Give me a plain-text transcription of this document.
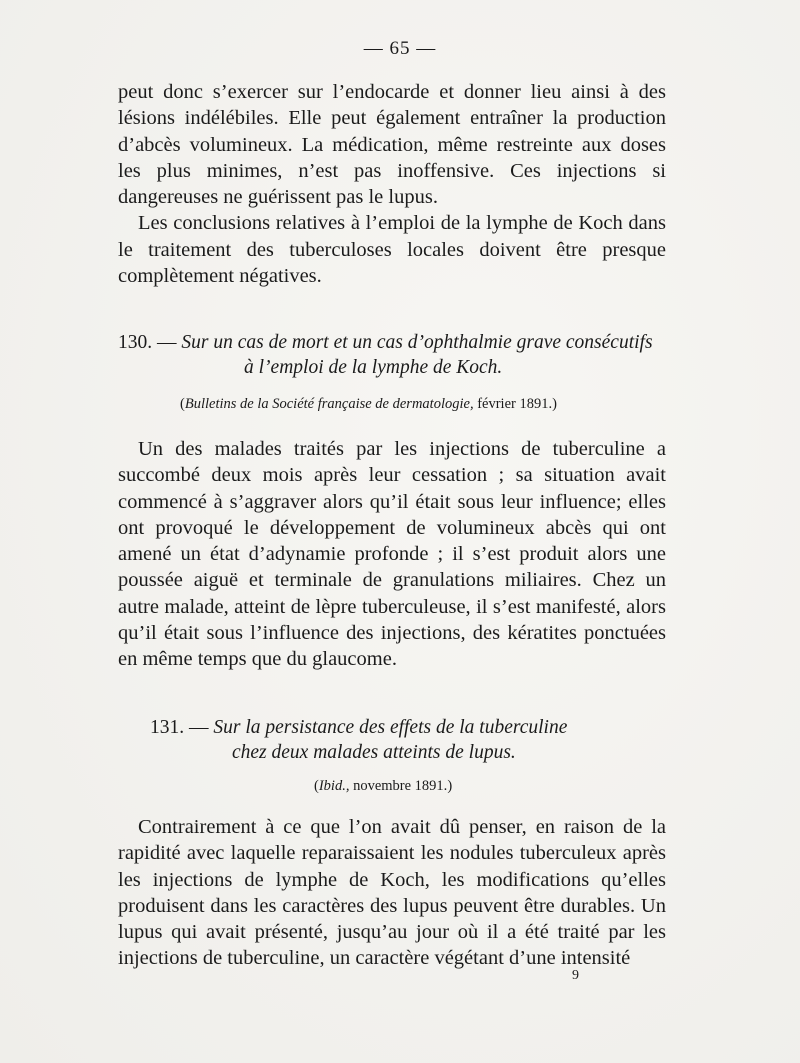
— 65 —

peut donc s’exercer sur l’endocarde et donner lieu ainsi à des lésions indélébiles. Elle peut également entraîner la production d’abcès volumineux. La médication, même restreinte aux doses les plus minimes, n’est pas inoffensive. Ces injections si dangereuses ne guérissent pas le lupus.

Les conclusions relatives à l’emploi de la lymphe de Koch dans le traitement des tuberculoses locales doivent être presque complètement négatives.

130. — Sur un cas de mort et un cas d’ophthalmie grave consécutifs
à l’emploi de la lymphe de Koch.
(Bulletins de la Société française de dermatologie, février 1891.)

Un des malades traités par les injections de tuberculine a succombé deux mois après leur cessation ; sa situation avait commencé à s’aggraver alors qu’il était sous leur influence; elles ont provoqué le développement de volumineux abcès qui ont amené un état d’adynamie profonde ; il s’est produit alors une poussée aiguë et terminale de granulations miliaires. Chez un autre malade, atteint de lèpre tuberculeuse, il s’est manifesté, alors qu’il était sous l’influence des injections, des kératites ponctuées en même temps que du glaucome.

131. — Sur la persistance des effets de la tuberculine
chez deux malades atteints de lupus.
(Ibid., novembre 1891.)

Contrairement à ce que l’on avait dû penser, en raison de la rapidité avec laquelle reparaissaient les nodules tuberculeux après les injections de lymphe de Koch, les modifications qu’elles produisent dans les caractères des lupus peuvent être durables. Un lupus qui avait présenté, jusqu’au jour où il a été traité par les injections de tuberculine, un caractère végétant d’une intensité

9
